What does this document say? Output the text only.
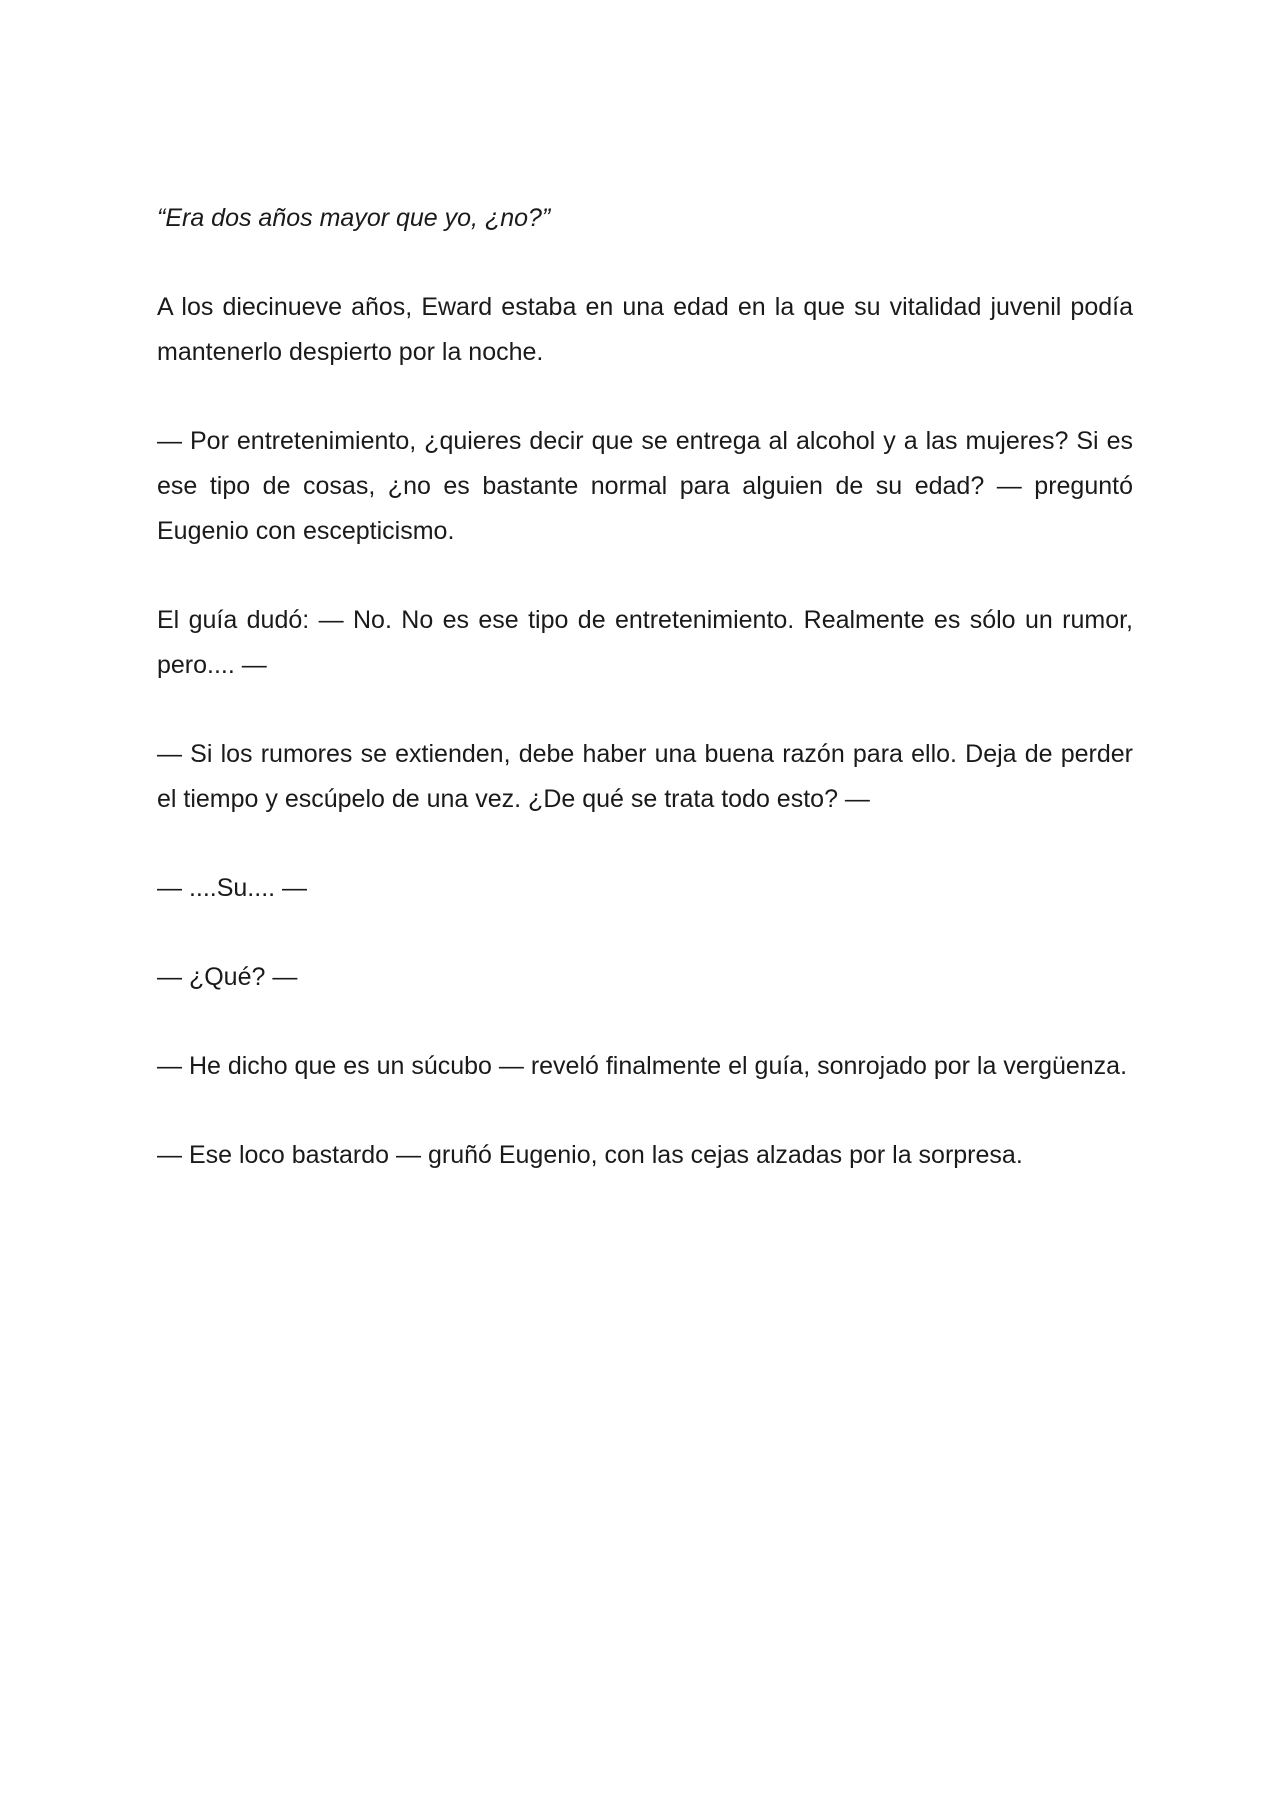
“Era dos años mayor que yo, ¿no?”

A los diecinueve años, Eward estaba en una edad en la que su vitalidad juvenil podía mantenerlo despierto por la noche.

— Por entretenimiento, ¿quieres decir que se entrega al alcohol y a las mujeres? Si es ese tipo de cosas, ¿no es bastante normal para alguien de su edad? — preguntó Eugenio con escepticismo.

El guía dudó: — No. No es ese tipo de entretenimiento. Realmente es sólo un rumor, pero.... —

— Si los rumores se extienden, debe haber una buena razón para ello. Deja de perder el tiempo y escúpelo de una vez. ¿De qué se trata todo esto? —

— ....Su.... —

— ¿Qué? —

— He dicho que es un súcubo — reveló finalmente el guía, sonrojado por la vergüenza.

— Ese loco bastardo — gruñó Eugenio, con las cejas alzadas por la sorpresa.
